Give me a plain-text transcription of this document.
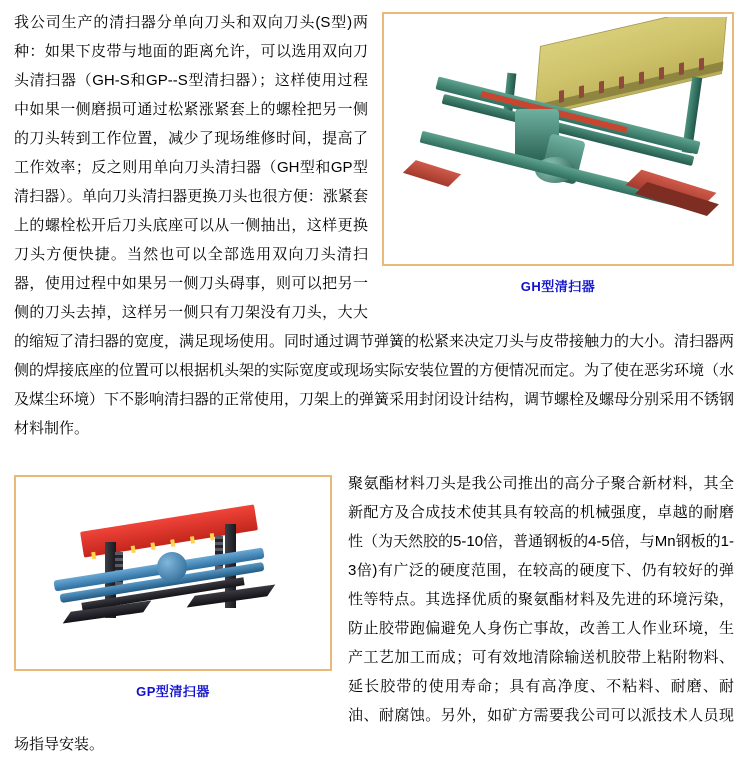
GH型清扫器
我公司生产的清扫器分单向刀头和双向刀头(S型)两种：如果下皮带与地面的距离允许，可以选用双向刀头清扫器（GH-S和GP--S型清扫器）；这样使用过程中如果一侧磨损可通过松紧涨紧套上的螺栓把另一侧的刀头转到工作位置，减少了现场维修时间，提高了工作效率；反之则用单向刀头清扫器（GH型和GP型清扫器）。单向刀头清扫器更换刀头也很方便：涨紧套上的螺栓松开后刀头底座可以从一侧抽出，这样更换刀头方便快捷。当然也可以全部选用双向刀头清扫器，使用过程中如果另一侧刀头碍事，则可以把另一侧的刀头去掉，这样另一侧只有刀架没有刀头，大大的缩短了清扫器的宽度，满足现场使用。同时通过调节弹簧的松紧来决定刀头与皮带接触力的大小。清扫器两侧的焊接底座的位置可以根据机头架的实际宽度或现场实际安装位置的方便情况而定。为了使在恶劣环境（水及煤尘环境）下不影响清扫器的正常使用，刀架上的弹簧采用封闭设计结构，调节螺栓及螺母分别采用不锈钢材料制作。
GP型清扫器
聚氨酯材料刀头是我公司推出的高分子聚合新材料，其全新配方及合成技术使其具有较高的机械强度，卓越的耐磨性（为天然胶的5-10倍，普通钢板的4-5倍，与Mn钢板的1-3倍)有广泛的硬度范围，在较高的硬度下、仍有较好的弹性等特点。其选择优质的聚氨酯材料及先进的环境污染，防止胶带跑偏避免人身伤亡事故，改善工人作业环境，生产工艺加工而成；可有效地清除输送机胶带上粘附物料、延长胶带的使用寿命；具有高净度、不粘料、耐磨、耐油、耐腐蚀。另外，如矿方需要我公司可以派技术人员现场指导安装。
